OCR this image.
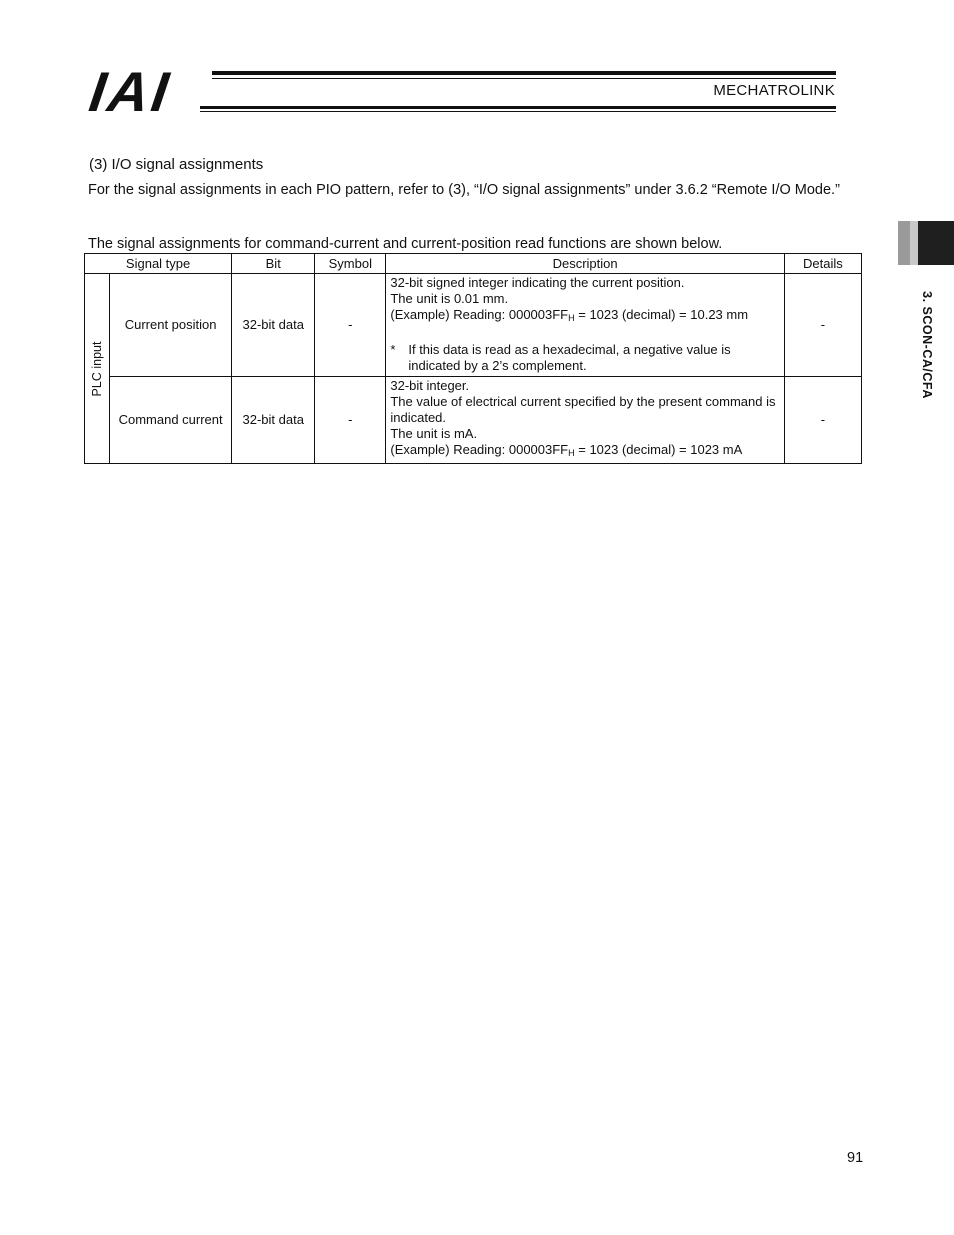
IAI	MECHATROLINK
(3) I/O signal assignments
For the signal assignments in each PIO pattern, refer to (3), “I/O signal assignments” under 3.6.2 “Remote I/O Mode.”
The signal assignments for command-current and current-position read functions are shown below.
Signal type		Bit	Symbol	Description	Details

PLC input	Current position	32-bit data	-	32-bit signed integer indicating the current position.
The unit is 0.01 mm.
(Example) Reading: $000003FF_H = 1023$ (decimal) = 10.23 mm
* If this data is read as a hexadecimal, a negative value is indicated by a 2’s complement.	-
	Command current	32-bit data	-	32-bit integer.
The value of electrical current specified by the present command is indicated.
The unit is mA.
(Example) Reading: $000003FF_H = 1023$ (decimal) = 1023 mA	-
3. SCON-CA/CFA
91
